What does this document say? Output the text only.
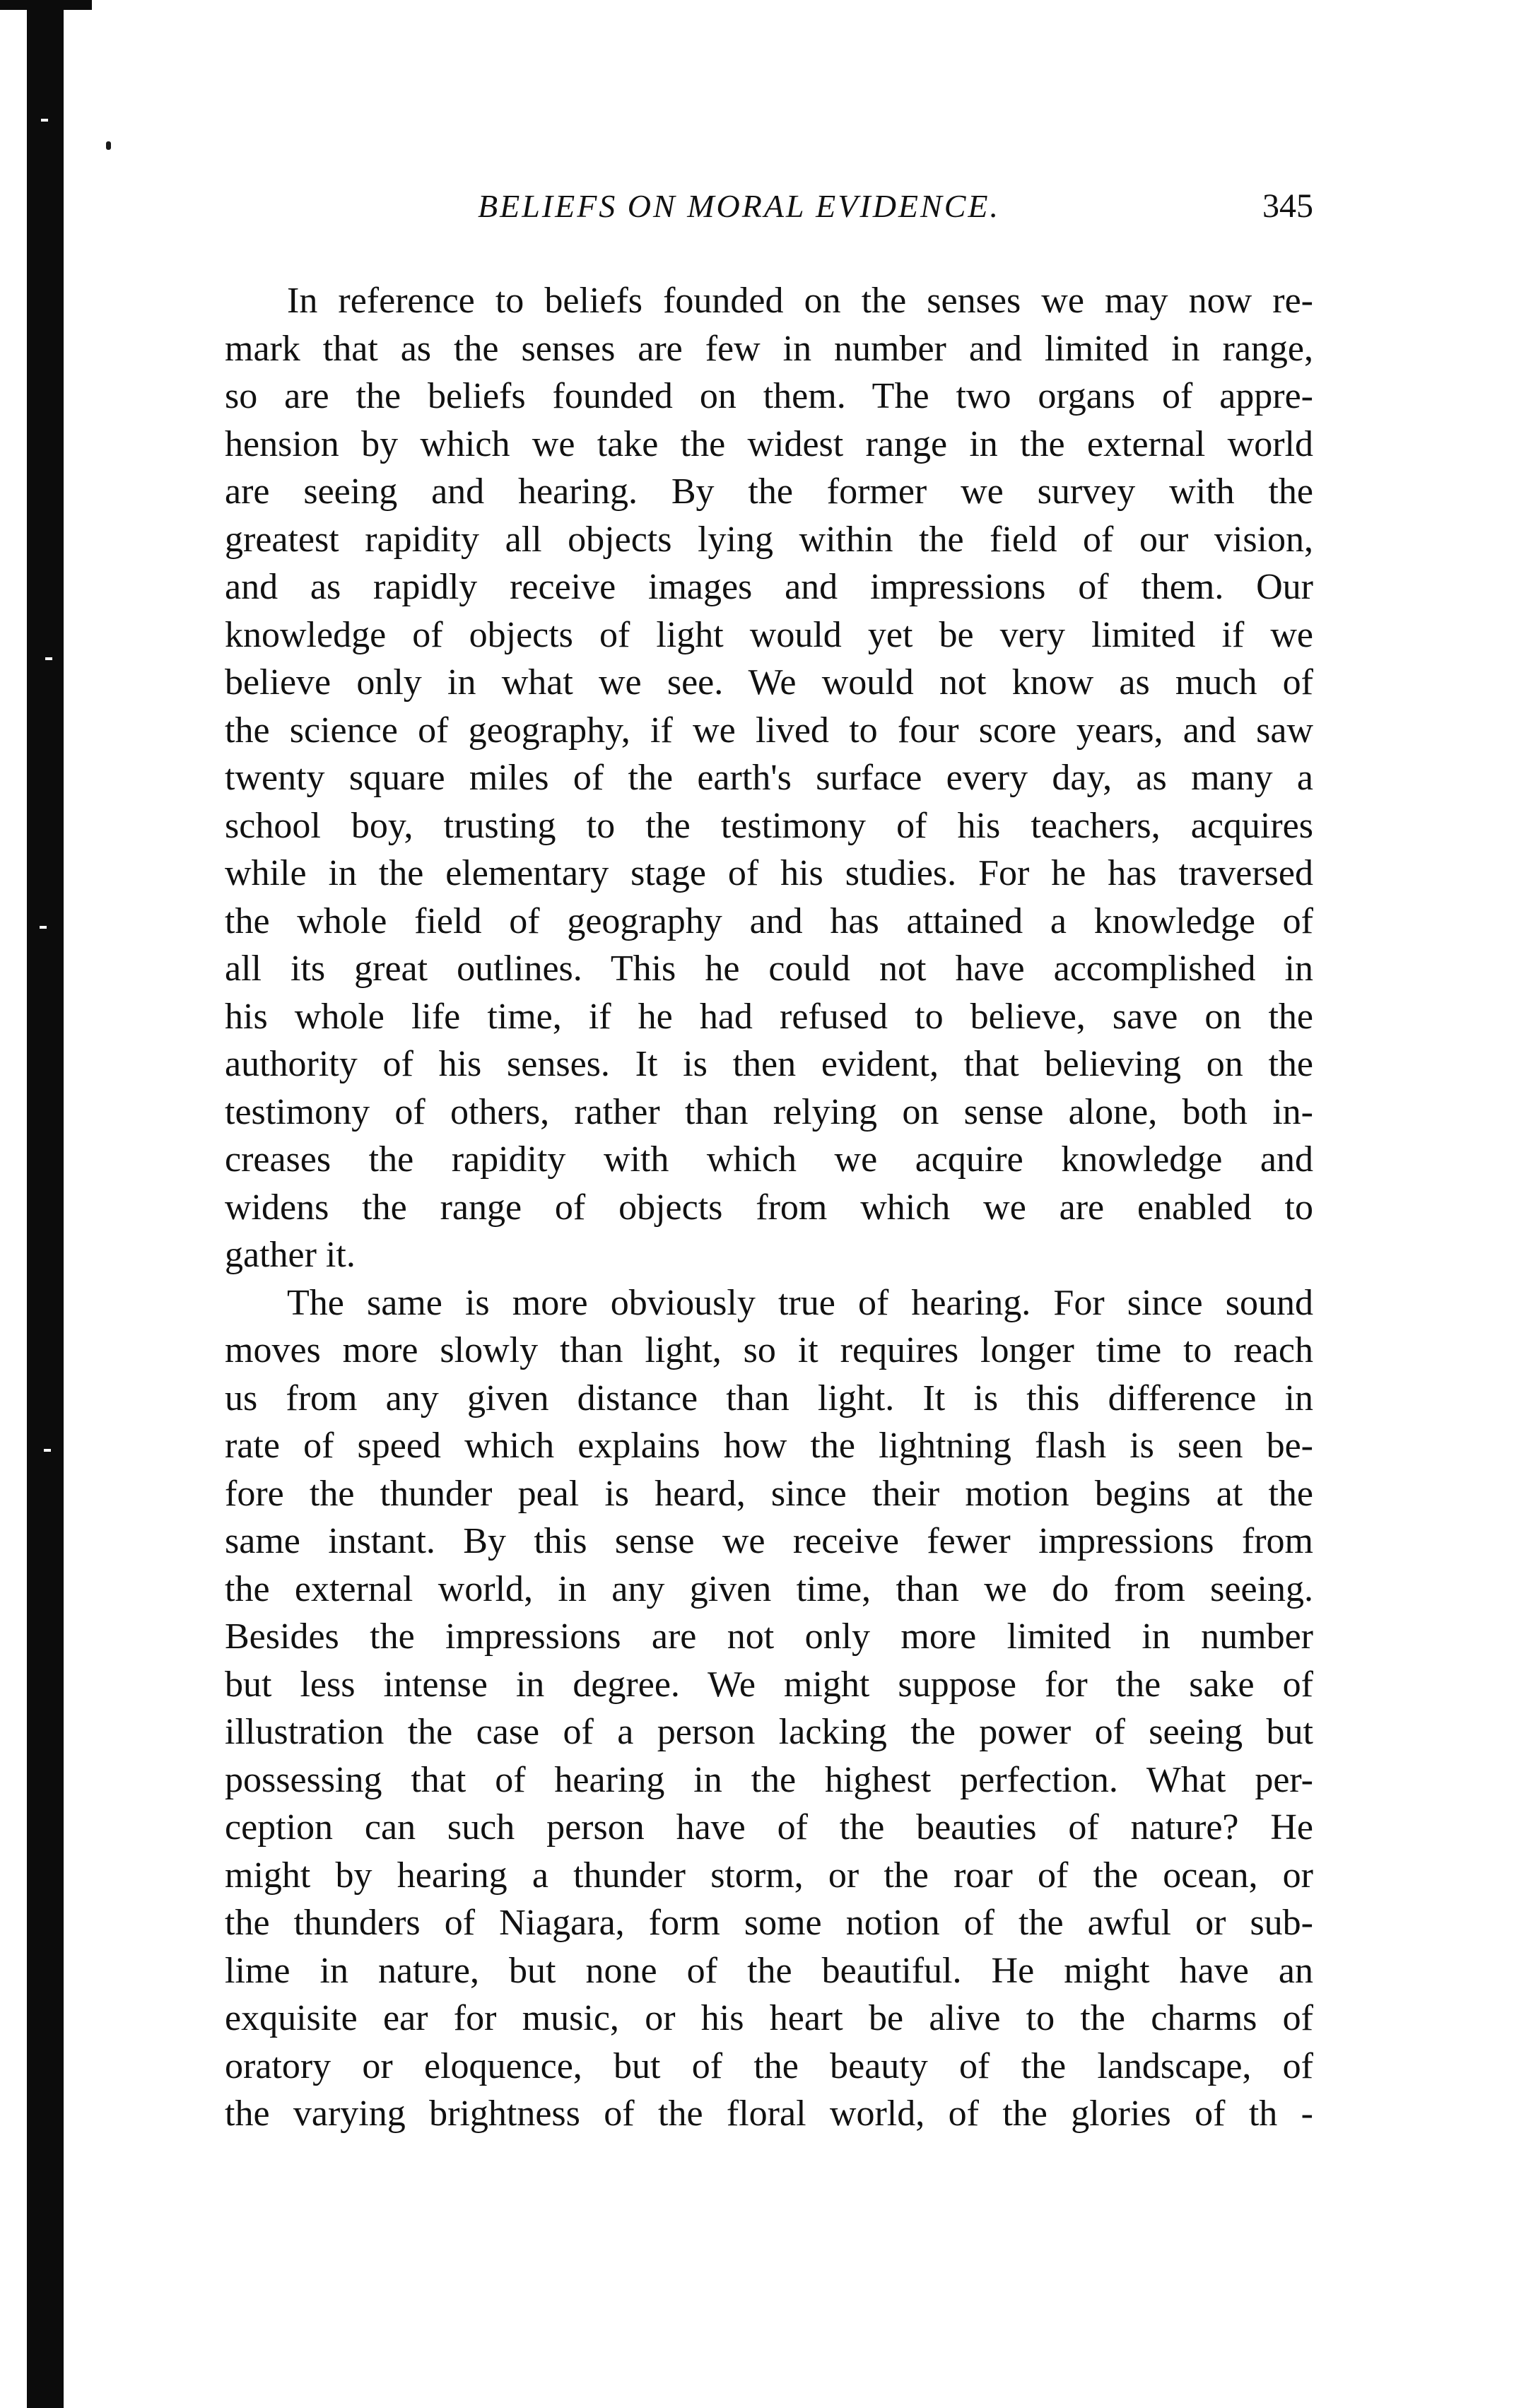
BELIEFS ON MORAL EVIDENCE.	345
In reference to beliefs founded on the senses we may now re-
mark that as the senses are few in number and limited in range,
so are the beliefs founded on them. The two organs of appre-
hension by which we take the widest range in the external world
are seeing and hearing. By the former we survey with the
greatest rapidity all objects lying within the field of our vision,
and as rapidly receive images and impressions of them. Our
knowledge of objects of light would yet be very limited if we
believe only in what we see. We would not know as much of
the science of geography, if we lived to four score years, and saw
twenty square miles of the earth's surface every day, as many a
school boy, trusting to the testimony of his teachers, acquires
while in the elementary stage of his studies. For he has traversed
the whole field of geography and has attained a knowledge of
all its great outlines. This he could not have accomplished in
his whole life time, if he had refused to believe, save on the
authority of his senses. It is then evident, that believing on the
testimony of others, rather than relying on sense alone, both in-
creases the rapidity with which we acquire knowledge and
widens the range of objects from which we are enabled to
gather it.
The same is more obviously true of hearing. For since sound
moves more slowly than light, so it requires longer time to reach
us from any given distance than light. It is this difference in
rate of speed which explains how the lightning flash is seen be-
fore the thunder peal is heard, since their motion begins at the
same instant. By this sense we receive fewer impressions from
the external world, in any given time, than we do from seeing.
Besides the impressions are not only more limited in number
but less intense in degree. We might suppose for the sake of
illustration the case of a person lacking the power of seeing but
possessing that of hearing in the highest perfection. What per-
ception can such person have of the beauties of nature? He
might by hearing a thunder storm, or the roar of the ocean, or
the thunders of Niagara, form some notion of the awful or sub-
lime in nature, but none of the beautiful. He might have an
exquisite ear for music, or his heart be alive to the charms of
oratory or eloquence, but of the beauty of the landscape, of
the varying brightness of the floral world, of the glories of th -
